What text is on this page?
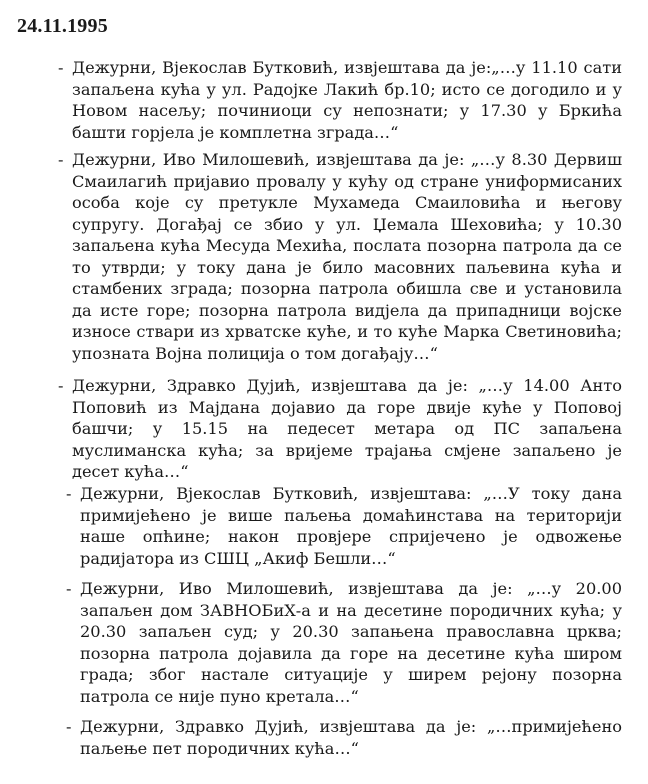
24.11.1995
- Дежурни, Вјекослав Бутковић, извјештава да је:„…у 11.10 сати запаљена кућа у ул. Радојке Лакић бр.10; исто се догодило и у Новом насељу; починиоци су непознати; у 17.30 у Бркића башти горјела је комплетна зграда…“
- Дежурни, Иво Милошевић, извјештава да је: „…у 8.30 Дервиш Смаилагић пријавио провалу у кућу од стране униформисаних особа које су претукле Мухамеда Смаиловића и његову супругу. Догађај се збио у ул. Џемала Шеховића; у 10.30 запаљена кућа Месуда Мехића, послата позорна патрола да се то утврди; у току дана је било масовних паљевина кућа и стамбених зграда; позорна патрола обишла све и установила да исте горе; позорна патрола видјела да припадници војске износе ствари из хрватске куће, и то куће Марка Светиновића; упозната Војна полиција о том догађају…“
- Дежурни, Здравко Дујић, извјештава да је: „…у 14.00 Анто Поповић из Мајдана дојавио да горе двије куће у Поповој башчи; у 15.15 на педесет метара од ПС запаљена муслиманска кућа; за вријеме трајања смјене запаљено је десет кућа…“
- Дежурни, Вјекослав Бутковић, извјештава: „…У току дана примијећено је више паљења домаћинстава на територији наше опћине; након провјере спријечено је одвожење радијатора из СШЦ „Акиф Бешли…“
- Дежурни, Иво Милошевић, извјештава да је: „…у 20.00 запаљен дом ЗАВНОБиХ-а и на десетине породичних кућа; у 20.30 запаљен суд; у 20.30 запањена православна црква; позорна патрола дојавила да горе на десетине кућа широм града; због настале ситуације у ширем рејону позорна патрола се није пуно кретала…“
- Дежурни, Здравко Дујић, извјештава да је: „…примијећено паљење пет породичних кућа…“
